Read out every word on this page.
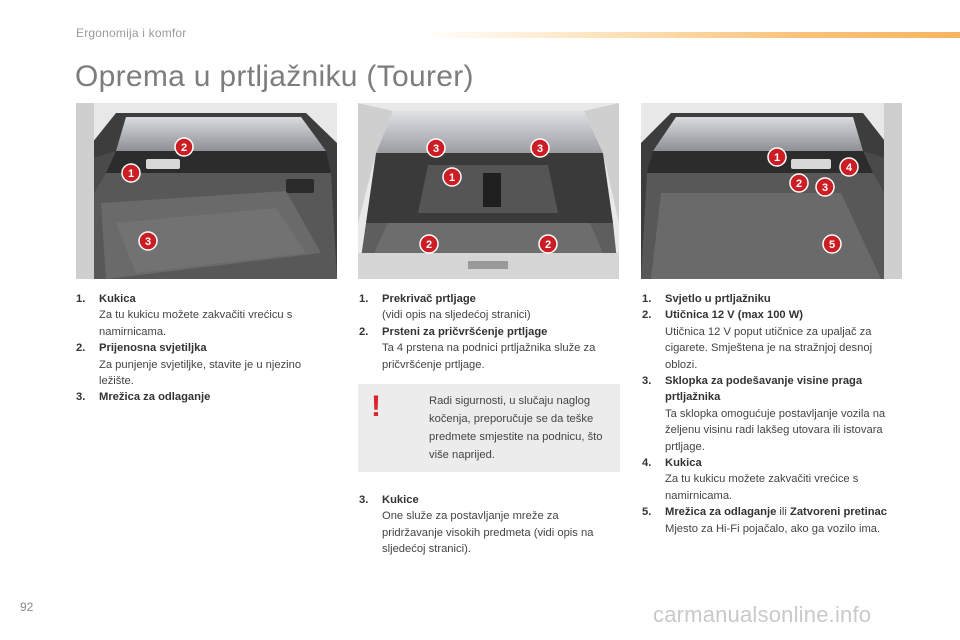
Ergonomija i komfor
Oprema u prtljažniku (Tourer)
1
2
3
1
2	2
3	3
1
2 3
4
5
1. Kukica
Za tu kukicu možete zakvačiti vrećicu s namirnicama.
2. Prijenosna svjetiljka
Za punjenje svjetiljke, stavite je u njezino ležište.
3. Mrežica za odlaganje
1. Prekrivač prtljage
(vidi opis na sljedećoj stranici)
2. Prsteni za pričvršćenje prtljage
Ta 4 prstena na podnici prtljažnika služe za pričvršćenje prtljage.
!	Radi sigurnosti, u slučaju naglog kočenja, preporučuje se da teške predmete smjestite na podnicu, što više naprijed.
3. Kukice
One služe za postavljanje mreže za pridržavanje visokih predmeta (vidi opis na sljedećoj stranici).
1. Svjetlo u prtljažniku
2. Utičnica 12 V (max 100 W)
Utičnica 12 V poput utičnice za upaljač za cigarete. Smještena je na stražnjoj desnoj oblozi.
3. Sklopka za podešavanje visine praga prtljažnika
Ta sklopka omogućuje postavljanje vozila na željenu visinu radi lakšeg utovara ili istovara prtljage.
4. Kukica
Za tu kukicu možete zakvačiti vrećice s namirnicama.
5. Mrežica za odlaganje ili Zatvoreni pretinac
Mjesto za Hi-Fi pojačalo, ako ga vozilo ima.
92	carmanualsonline.info
